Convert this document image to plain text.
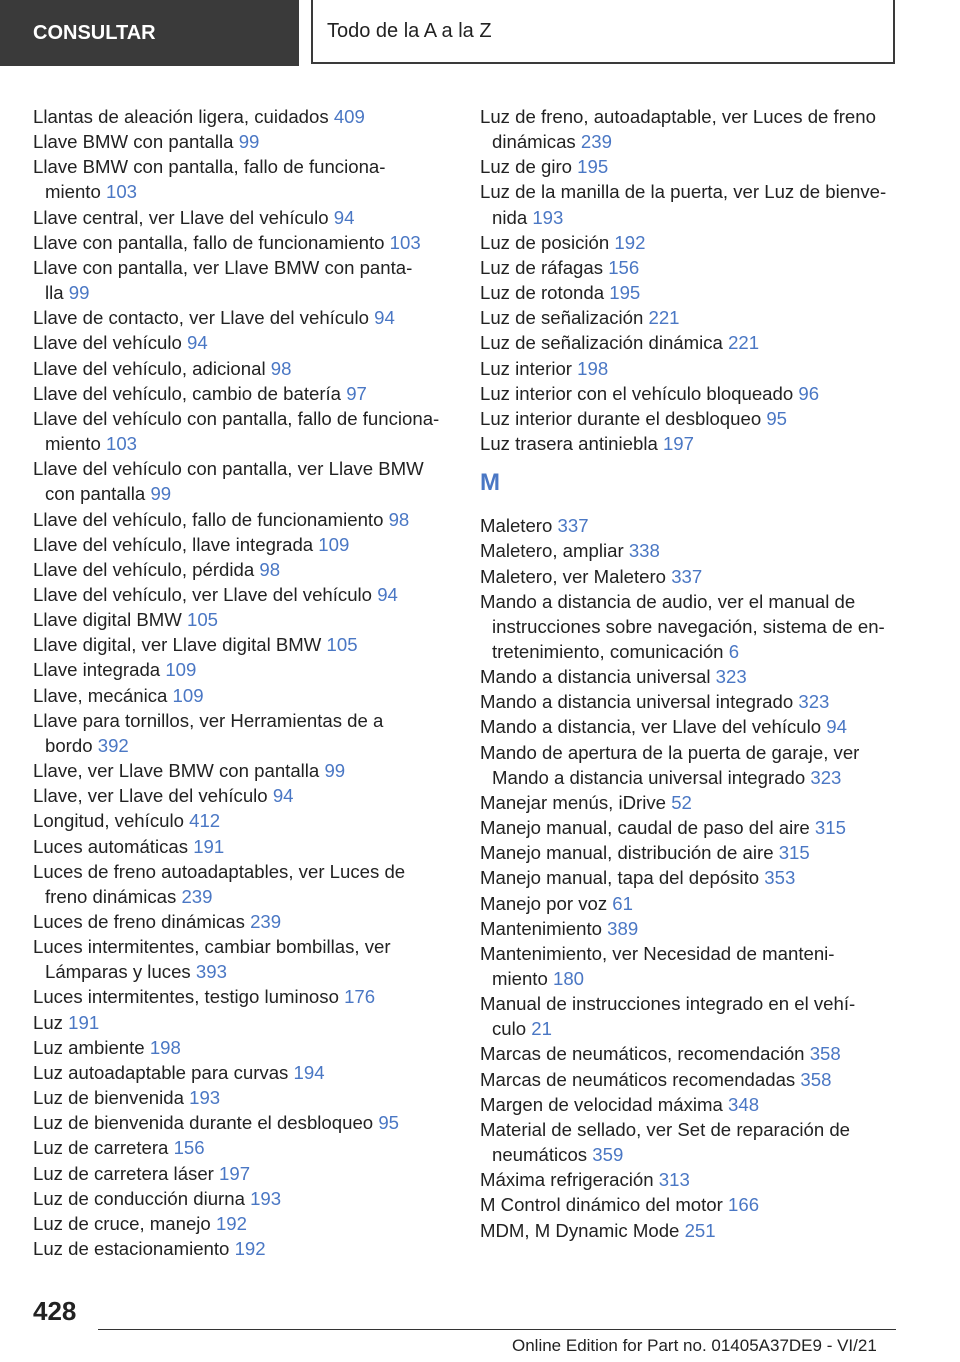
CONSULTAR	Todo de la A a la Z
Llantas de aleación ligera, cuidados 409
Llave BMW con pantalla 99
Llave BMW con pantalla, fallo de funciona-
miento 103
Llave central, ver Llave del vehículo 94
Llave con pantalla, fallo de funcionamiento 103
Llave con pantalla, ver Llave BMW con panta-
lla 99
Llave de contacto, ver Llave del vehículo 94
Llave del vehículo 94
Llave del vehículo, adicional 98
Llave del vehículo, cambio de batería 97
Llave del vehículo con pantalla, fallo de funciona-
miento 103
Llave del vehículo con pantalla, ver Llave BMW
con pantalla 99
Llave del vehículo, fallo de funcionamiento 98
Llave del vehículo, llave integrada 109
Llave del vehículo, pérdida 98
Llave del vehículo, ver Llave del vehículo 94
Llave digital BMW 105
Llave digital, ver Llave digital BMW 105
Llave integrada 109
Llave, mecánica 109
Llave para tornillos, ver Herramientas de a
bordo 392
Llave, ver Llave BMW con pantalla 99
Llave, ver Llave del vehículo 94
Longitud, vehículo 412
Luces automáticas 191
Luces de freno autoadaptables, ver Luces de
freno dinámicas 239
Luces de freno dinámicas 239
Luces intermitentes, cambiar bombillas, ver
Lámparas y luces 393
Luces intermitentes, testigo luminoso 176
Luz 191
Luz ambiente 198
Luz autoadaptable para curvas 194
Luz de bienvenida 193
Luz de bienvenida durante el desbloqueo 95
Luz de carretera 156
Luz de carretera láser 197
Luz de conducción diurna 193
Luz de cruce, manejo 192
Luz de estacionamiento 192
Luz de freno, autoadaptable, ver Luces de freno
dinámicas 239
Luz de giro 195
Luz de la manilla de la puerta, ver Luz de bienve-
nida 193
Luz de posición 192
Luz de ráfagas 156
Luz de rotonda 195
Luz de señalización 221
Luz de señalización dinámica 221
Luz interior 198
Luz interior con el vehículo bloqueado 96
Luz interior durante el desbloqueo 95
Luz trasera antiniebla 197
M
Maletero 337
Maletero, ampliar 338
Maletero, ver Maletero 337
Mando a distancia de audio, ver el manual de
instrucciones sobre navegación, sistema de en-
tretenimiento, comunicación 6
Mando a distancia universal 323
Mando a distancia universal integrado 323
Mando a distancia, ver Llave del vehículo 94
Mando de apertura de la puerta de garaje, ver
Mando a distancia universal integrado 323
Manejar menús, iDrive 52
Manejo manual, caudal de paso del aire 315
Manejo manual, distribución de aire 315
Manejo manual, tapa del depósito 353
Manejo por voz 61
Mantenimiento 389
Mantenimiento, ver Necesidad de manteni-
miento 180
Manual de instrucciones integrado en el vehí-
culo 21
Marcas de neumáticos, recomendación 358
Marcas de neumáticos recomendadas 358
Margen de velocidad máxima 348
Material de sellado, ver Set de reparación de
neumáticos 359
Máxima refrigeración 313
M Control dinámico del motor 166
MDM, M Dynamic Mode 251
428
Online Edition for Part no. 01405A37DE9 - VI/21
